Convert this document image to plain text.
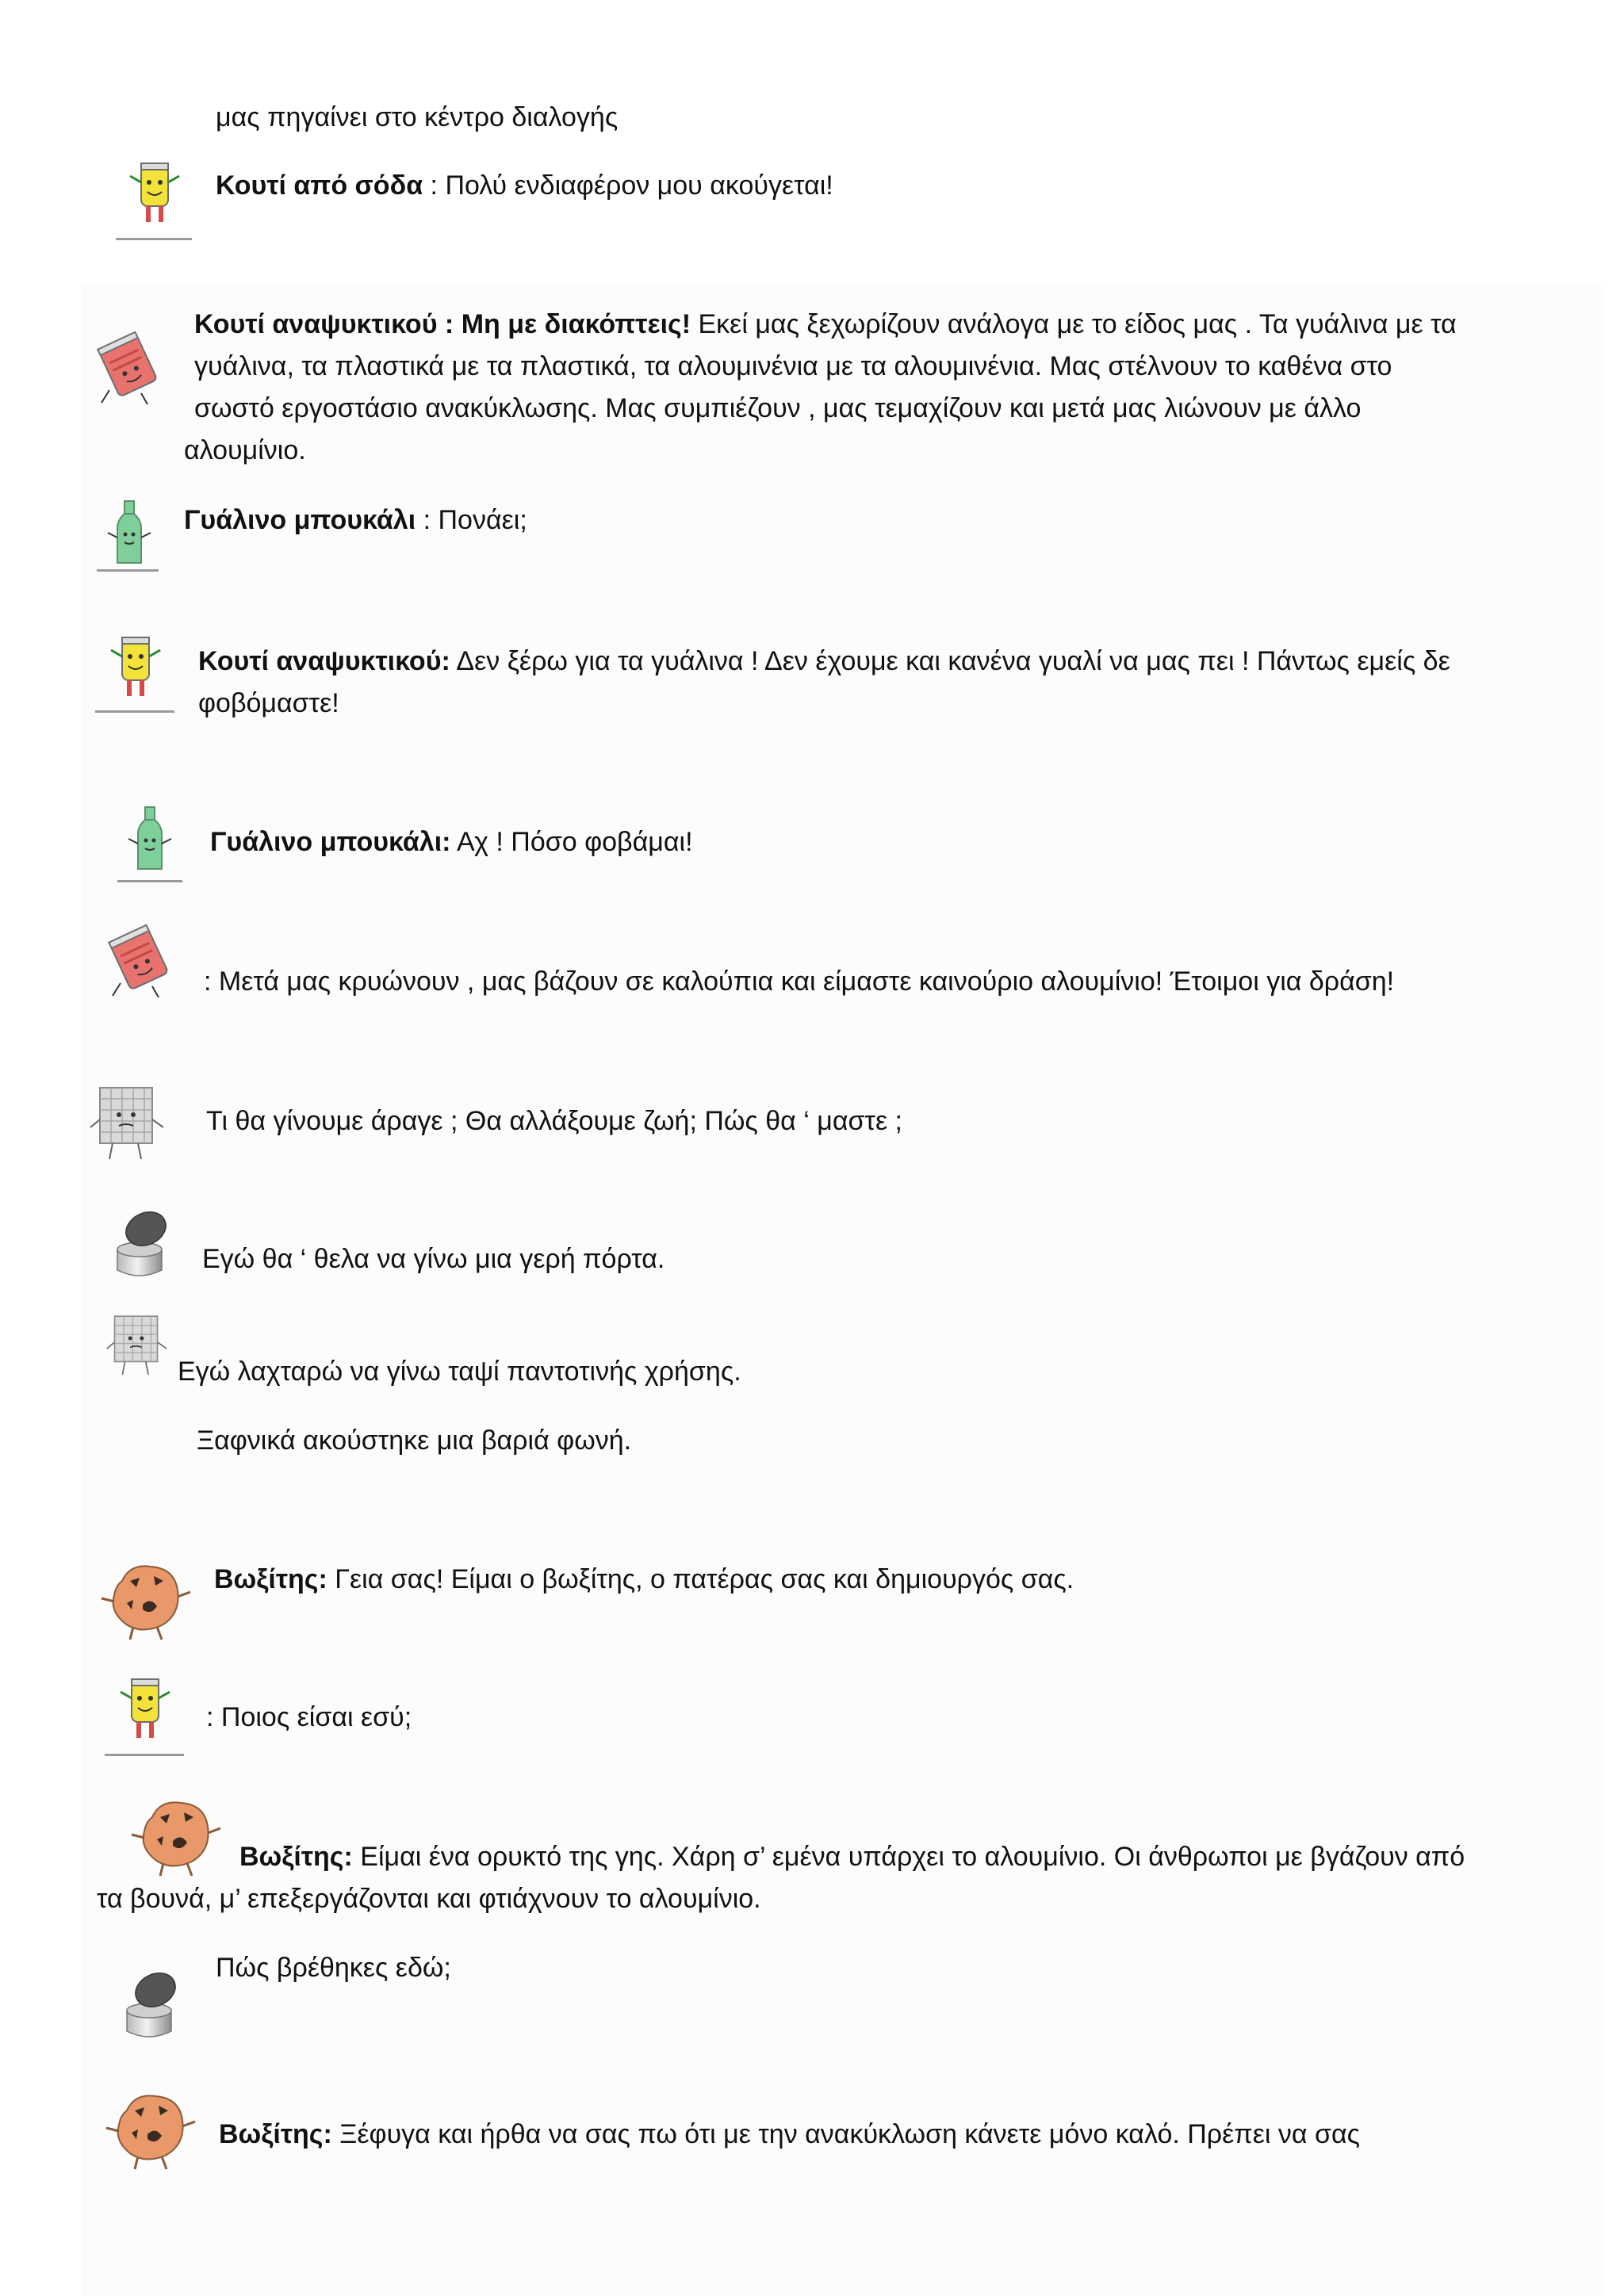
μας πηγαίνει στο κέντρο διαλογής
Κουτί από σόδα : Πολύ ενδιαφέρον μου ακούγεται!
Κουτί αναψυκτικού : Μη με διακόπτεις! Εκεί μας ξεχωρίζουν ανάλογα με το είδος μας . Τα γυάλινα με τα
γυάλινα, τα πλαστικά με τα πλαστικά, τα αλουμινένια με τα αλουμινένια. Μας στέλνουν το καθένα στο
σωστό εργοστάσιο ανακύκλωσης. Μας συμπιέζουν , μας τεμαχίζουν και μετά μας λιώνουν με άλλο
αλουμίνιο.
Γυάλινο μπουκάλι : Πονάει;
Κουτί αναψυκτικού: Δεν ξέρω για τα γυάλινα ! Δεν έχουμε και κανένα γυαλί να μας πει ! Πάντως εμείς δε
φοβόμαστε!
Γυάλινο μπουκάλι: Αχ ! Πόσο φοβάμαι!
: Μετά μας κρυώνουν , μας βάζουν σε καλούπια και είμαστε καινούριο αλουμίνιο! Έτοιμοι για δράση!
Τι θα γίνουμε άραγε ; Θα αλλάξουμε ζωή; Πώς θα ‘ μαστε ;
Εγώ θα ‘ θελα να γίνω μια γερή πόρτα.
Εγώ λαχταρώ να γίνω ταψί παντοτινής χρήσης.
Ξαφνικά ακούστηκε μια βαριά φωνή.
Βωξίτης: Γεια σας! Είμαι ο βωξίτης, ο πατέρας σας και δημιουργός σας.
: Ποιος είσαι εσύ;
Βωξίτης: Είμαι ένα ορυκτό της γης. Χάρη σ’ εμένα υπάρχει το αλουμίνιο. Οι άνθρωποι με βγάζουν από
τα βουνά, μ’ επεξεργάζονται και φτιάχνουν το αλουμίνιο.
Πώς βρέθηκες εδώ;
Βωξίτης: Ξέφυγα και ήρθα να σας πω ότι με την ανακύκλωση κάνετε μόνο καλό. Πρέπει να σας
